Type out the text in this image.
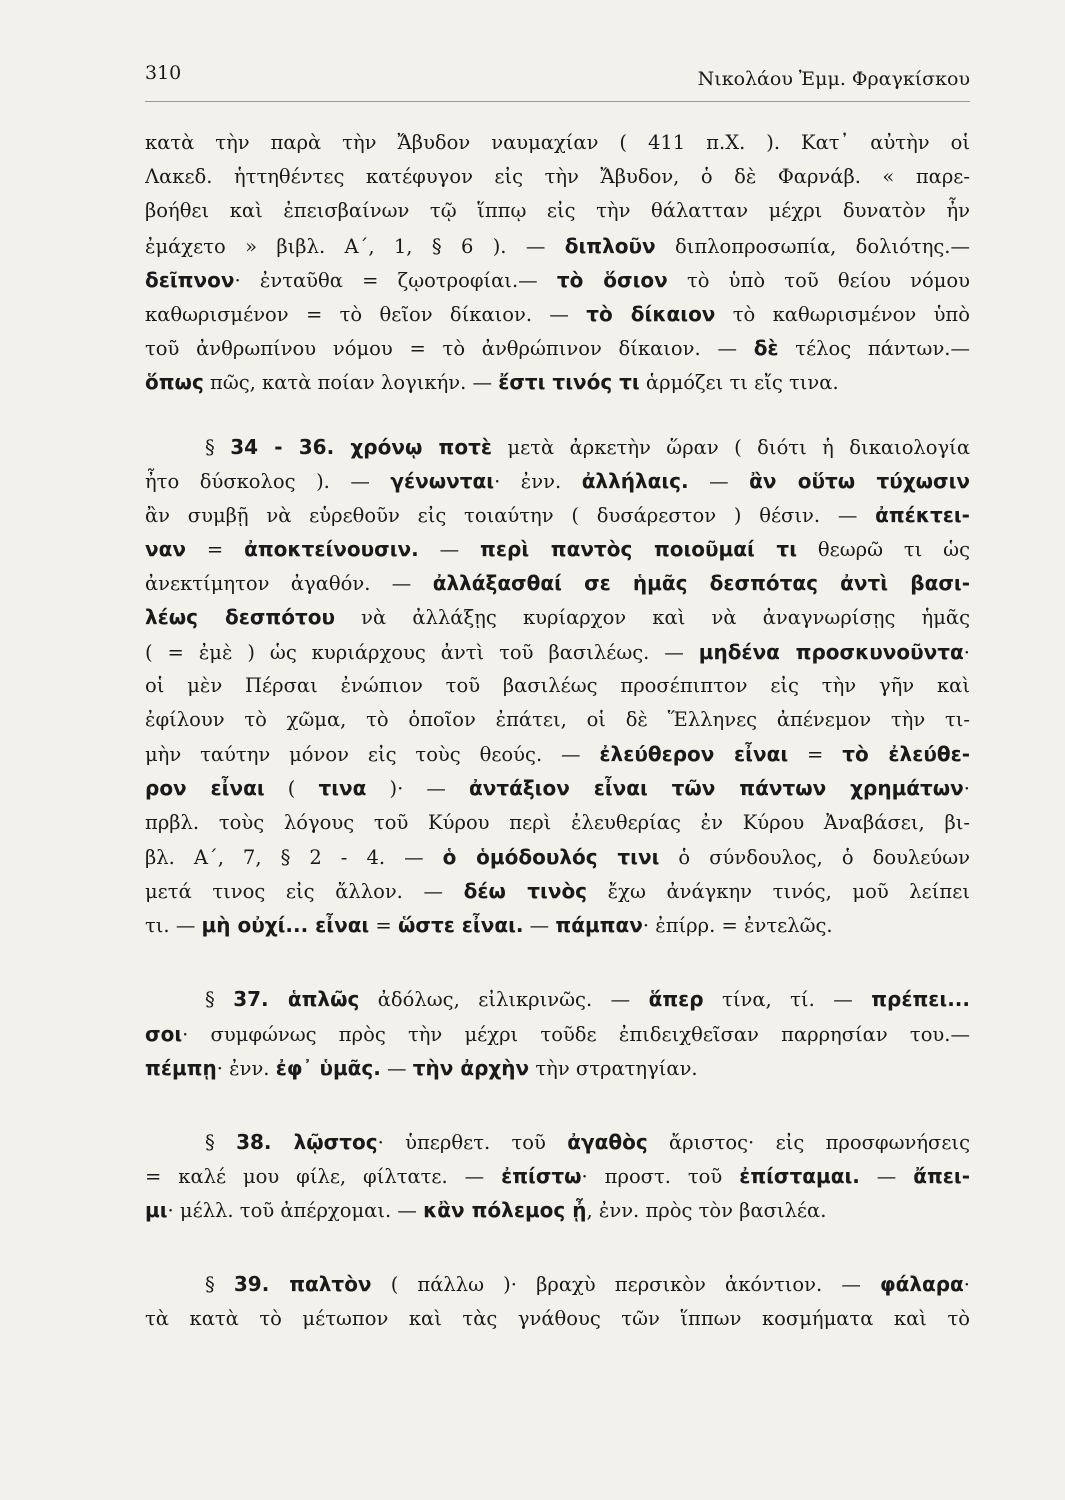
310	Νικολάου Ἐμμ. Φραγκίσκου
κατὰ τὴν παρὰ τὴν Ἄβυδον ναυμαχίαν ( 411 π.Χ. ). Κατ᾽ αὐτὴν οἱ
Λακεδ. ἡττηθέντες κατέφυγον εἰς τὴν Ἄβυδον, ὁ δὲ Φαρνάβ. « παρε-
βοήθει καὶ ἐπεισβαίνων τῷ ἵππῳ εἰς τὴν θάλατταν μέχρι δυνατὸν ἦν
ἐμάχετο » βιβλ. Α΄, 1, § 6 ). — διπλοῦν διπλοπροσωπία, δολιότης.—
δεῖπνον· ἐνταῦθα = ζῳοτροφίαι.— τὸ ὅσιον τὸ ὑπὸ τοῦ θείου νόμου
καθωρισμένον = τὸ θεῖον δίκαιον. — τὸ δίκαιον τὸ καθωρισμένον ὑπὸ
τοῦ ἀνθρωπίνου νόμου = τὸ ἀνθρώπινον δίκαιον. — δὲ τέλος πάντων.—
ὅπως πῶς, κατὰ ποίαν λογικήν. — ἔστι τινός τι ἁρμόζει τι εἴς τινα.
§ 34 - 36. χρόνῳ ποτὲ μετὰ ἀρκετὴν ὥραν ( διότι ἡ δικαιολογία
ἦτο δύσκολος ). — γένωνται· ἐνν. ἀλλήλαις. — ἂν οὕτω τύχωσιν
ἂν συμβῇ νὰ εὑρεθοῦν εἰς τοιαύτην ( δυσάρεστον ) θέσιν. — ἀπέκτει-
ναν = ἀποκτείνουσιν. — περὶ παντὸς ποιοῦμαί τι θεωρῶ τι ὡς
ἀνεκτίμητον ἀγαθόν. — ἀλλάξασθαί σε ἡμᾶς δεσπότας ἀντὶ βασι-
λέως δεσπότου νὰ ἀλλάξῃς κυρίαρχον καὶ νὰ ἀναγνωρίσῃς ἡμᾶς
( = ἐμὲ ) ὡς κυριάρχους ἀντὶ τοῦ βασιλέως. — μηδένα προσκυνοῦντα·
οἱ μὲν Πέρσαι ἐνώπιον τοῦ βασιλέως προσέπιπτον εἰς τὴν γῆν καὶ
ἐφίλουν τὸ χῶμα, τὸ ὁποῖον ἐπάτει, οἱ δὲ Ἕλληνες ἀπένεμον τὴν τι-
μὴν ταύτην μόνον εἰς τοὺς θεούς. — ἐλεύθερον εἶναι = τὸ ἐλεύθε-
ρον εἶναι ( τινα )· — ἀντάξιον εἶναι τῶν πάντων χρημάτων·
πρβλ. τοὺς λόγους τοῦ Κύρου περὶ ἐλευθερίας ἐν Κύρου Ἀναβάσει, βι-
βλ. Α΄, 7, § 2 - 4. — ὁ ὁμόδουλός τινι ὁ σύνδουλος, ὁ δουλεύων
μετά τινος εἰς ἄλλον. — δέω τινὸς ἔχω ἀνάγκην τινός, μοῦ λείπει
τι. — μὴ οὐχί... εἶναι = ὥστε εἶναι. — πάμπαν· ἐπίρρ. = ἐντελῶς.
§ 37. ἁπλῶς ἀδόλως, εἰλικρινῶς. — ἅπερ τίνα, τί. — πρέπει...
σοι· συμφώνως πρὸς τὴν μέχρι τοῦδε ἐπιδειχθεῖσαν παρρησίαν του.—
πέμπῃ· ἐνν. ἐφ᾽ ὑμᾶς. — τὴν ἀρχὴν τὴν στρατηγίαν.
§ 38. λῷστος· ὑπερθετ. τοῦ ἀγαθὸς ἄριστος· εἰς προσφωνήσεις
= καλέ μου φίλε, φίλτατε. — ἐπίστω· προστ. τοῦ ἐπίσταμαι. — ἄπει-
μι· μέλλ. τοῦ ἀπέρχομαι. — κἂν πόλεμος ᾖ, ἐνν. πρὸς τὸν βασιλέα.
§ 39. παλτὸν ( πάλλω )· βραχὺ περσικὸν ἀκόντιον. — φάλαρα·
τὰ κατὰ τὸ μέτωπον καὶ τὰς γνάθους τῶν ἵππων κοσμήματα καὶ τὸ
